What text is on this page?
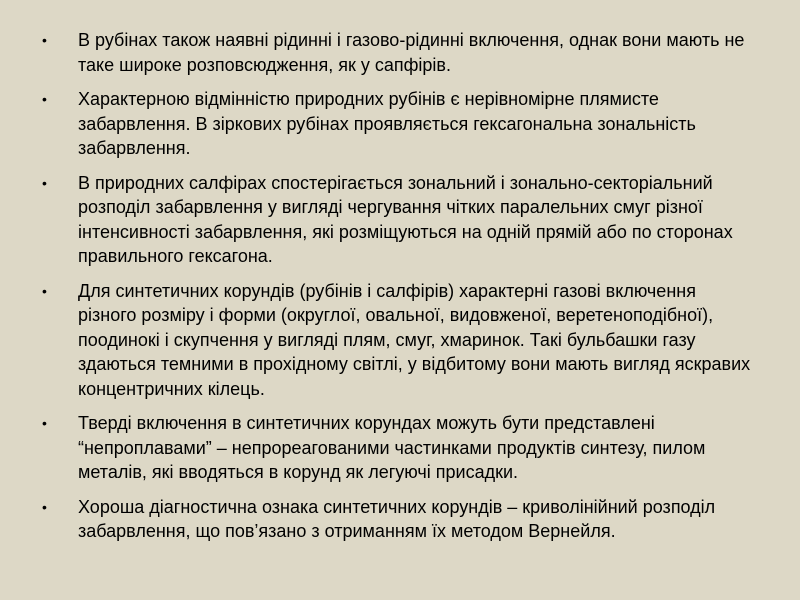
• В рубінах також наявні рідинні і газово-рідинні включення, однак вони мають не таке широке розповсюдження, як у сапфірів.
• Характерною відмінністю природних рубінів є нерівномірне плямисте забарвлення. В зіркових рубінах проявляється гексагональна зональність забарвлення.
• В природних салфірах спостерігається зональний і зонально-секторіальний розподіл забарвлення у вигляді чергування чітких паралельних смуг різної інтенсивності забарвлення, які розміщуються на одній прямій або по сторонах правильного гексагона.
• Для синтетичних корундів (рубінів і салфірів) характерні газові включення різного розміру і форми (округлої, овальної, видовженої, веретеноподібної), поодинокі і скупчення у вигляді плям, смуг, хмаринок. Такі бульбашки газу здаються темними в прохідному світлі, у відбитому вони мають вигляд яскравих концентричних кілець.
• Тверді включення в синтетичних корундах можуть бути представлені “непроплавами” – непрореагованими частинками продуктів синтезу, пилом металів, які вводяться в корунд як легуючі присадки.
• Хороша діагностична ознака синтетичних корундів – криволінійний розподіл забарвлення, що пов’язано з отриманням їх методом Вернейля.
